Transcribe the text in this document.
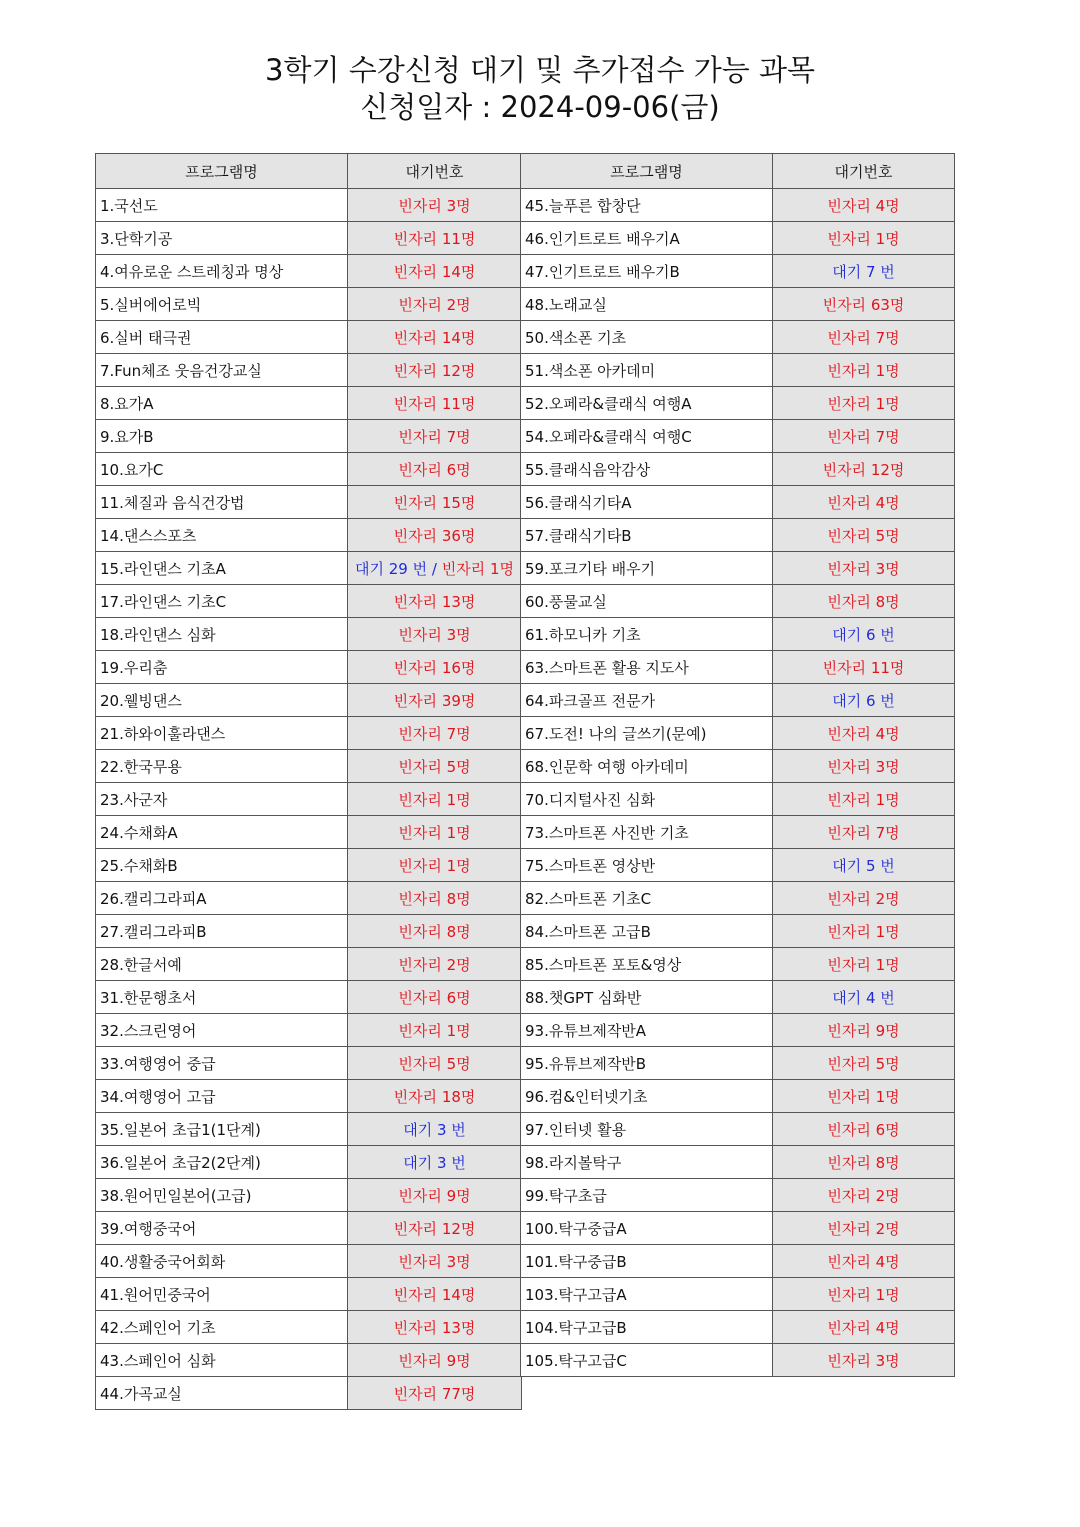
3학기 수강신청 대기 및 추가접수 가능 과목
신청일자 : 2024-09-06(금)
프로그램명	대기번호
1.국선도	빈자리 3명
3.단학기공	빈자리 11명
4.여유로운 스트레칭과 명상	빈자리 14명
5.실버에어로빅	빈자리 2명
6.실버 태극권	빈자리 14명
7.Fun체조 웃음건강교실	빈자리 12명
8.요가A	빈자리 11명
9.요가B	빈자리 7명
10.요가C	빈자리 6명
11.체질과 음식건강법	빈자리 15명
14.댄스스포츠	빈자리 36명
15.라인댄스 기초A	대기 29 번 / 빈자리 1명
17.라인댄스 기초C	빈자리 13명
18.라인댄스 심화	빈자리 3명
19.우리춤	빈자리 16명
20.웰빙댄스	빈자리 39명
21.하와이훌라댄스	빈자리 7명
22.한국무용	빈자리 5명
23.사군자	빈자리 1명
24.수채화A	빈자리 1명
25.수채화B	빈자리 1명
26.캘리그라피A	빈자리 8명
27.캘리그라피B	빈자리 8명
28.한글서예	빈자리 2명
31.한문행초서	빈자리 6명
32.스크린영어	빈자리 1명
33.여행영어 중급	빈자리 5명
34.여행영어 고급	빈자리 18명
35.일본어 초급1(1단계)	대기 3 번
36.일본어 초급2(2단계)	대기 3 번
38.원어민일본어(고급)	빈자리 9명
39.여행중국어	빈자리 12명
40.생활중국어회화	빈자리 3명
41.원어민중국어	빈자리 14명
42.스페인어 기초	빈자리 13명
43.스페인어 심화	빈자리 9명
44.가곡교실	빈자리 77명
프로그램명	대기번호
45.늘푸른 합창단	빈자리 4명
46.인기트로트 배우기A	빈자리 1명
47.인기트로트 배우기B	대기 7 번
48.노래교실	빈자리 63명
50.색소폰 기초	빈자리 7명
51.색소폰 아카데미	빈자리 1명
52.오페라&클래식 여행A	빈자리 1명
54.오페라&클래식 여행C	빈자리 7명
55.클래식음악감상	빈자리 12명
56.클래식기타A	빈자리 4명
57.클래식기타B	빈자리 5명
59.포크기타 배우기	빈자리 3명
60.풍물교실	빈자리 8명
61.하모니카 기초	대기 6 번
63.스마트폰 활용 지도사	빈자리 11명
64.파크골프 전문가	대기 6 번
67.도전! 나의 글쓰기(문예)	빈자리 4명
68.인문학 여행 아카데미	빈자리 3명
70.디지털사진 심화	빈자리 1명
73.스마트폰 사진반 기초	빈자리 7명
75.스마트폰 영상반	대기 5 번
82.스마트폰 기초C	빈자리 2명
84.스마트폰 고급B	빈자리 1명
85.스마트폰 포토&영상	빈자리 1명
88.챗GPT 심화반	대기 4 번
93.유튜브제작반A	빈자리 9명
95.유튜브제작반B	빈자리 5명
96.컴&인터넷기초	빈자리 1명
97.인터넷 활용	빈자리 6명
98.라지볼탁구	빈자리 8명
99.탁구초급	빈자리 2명
100.탁구중급A	빈자리 2명
101.탁구중급B	빈자리 4명
103.탁구고급A	빈자리 1명
104.탁구고급B	빈자리 4명
105.탁구고급C	빈자리 3명
